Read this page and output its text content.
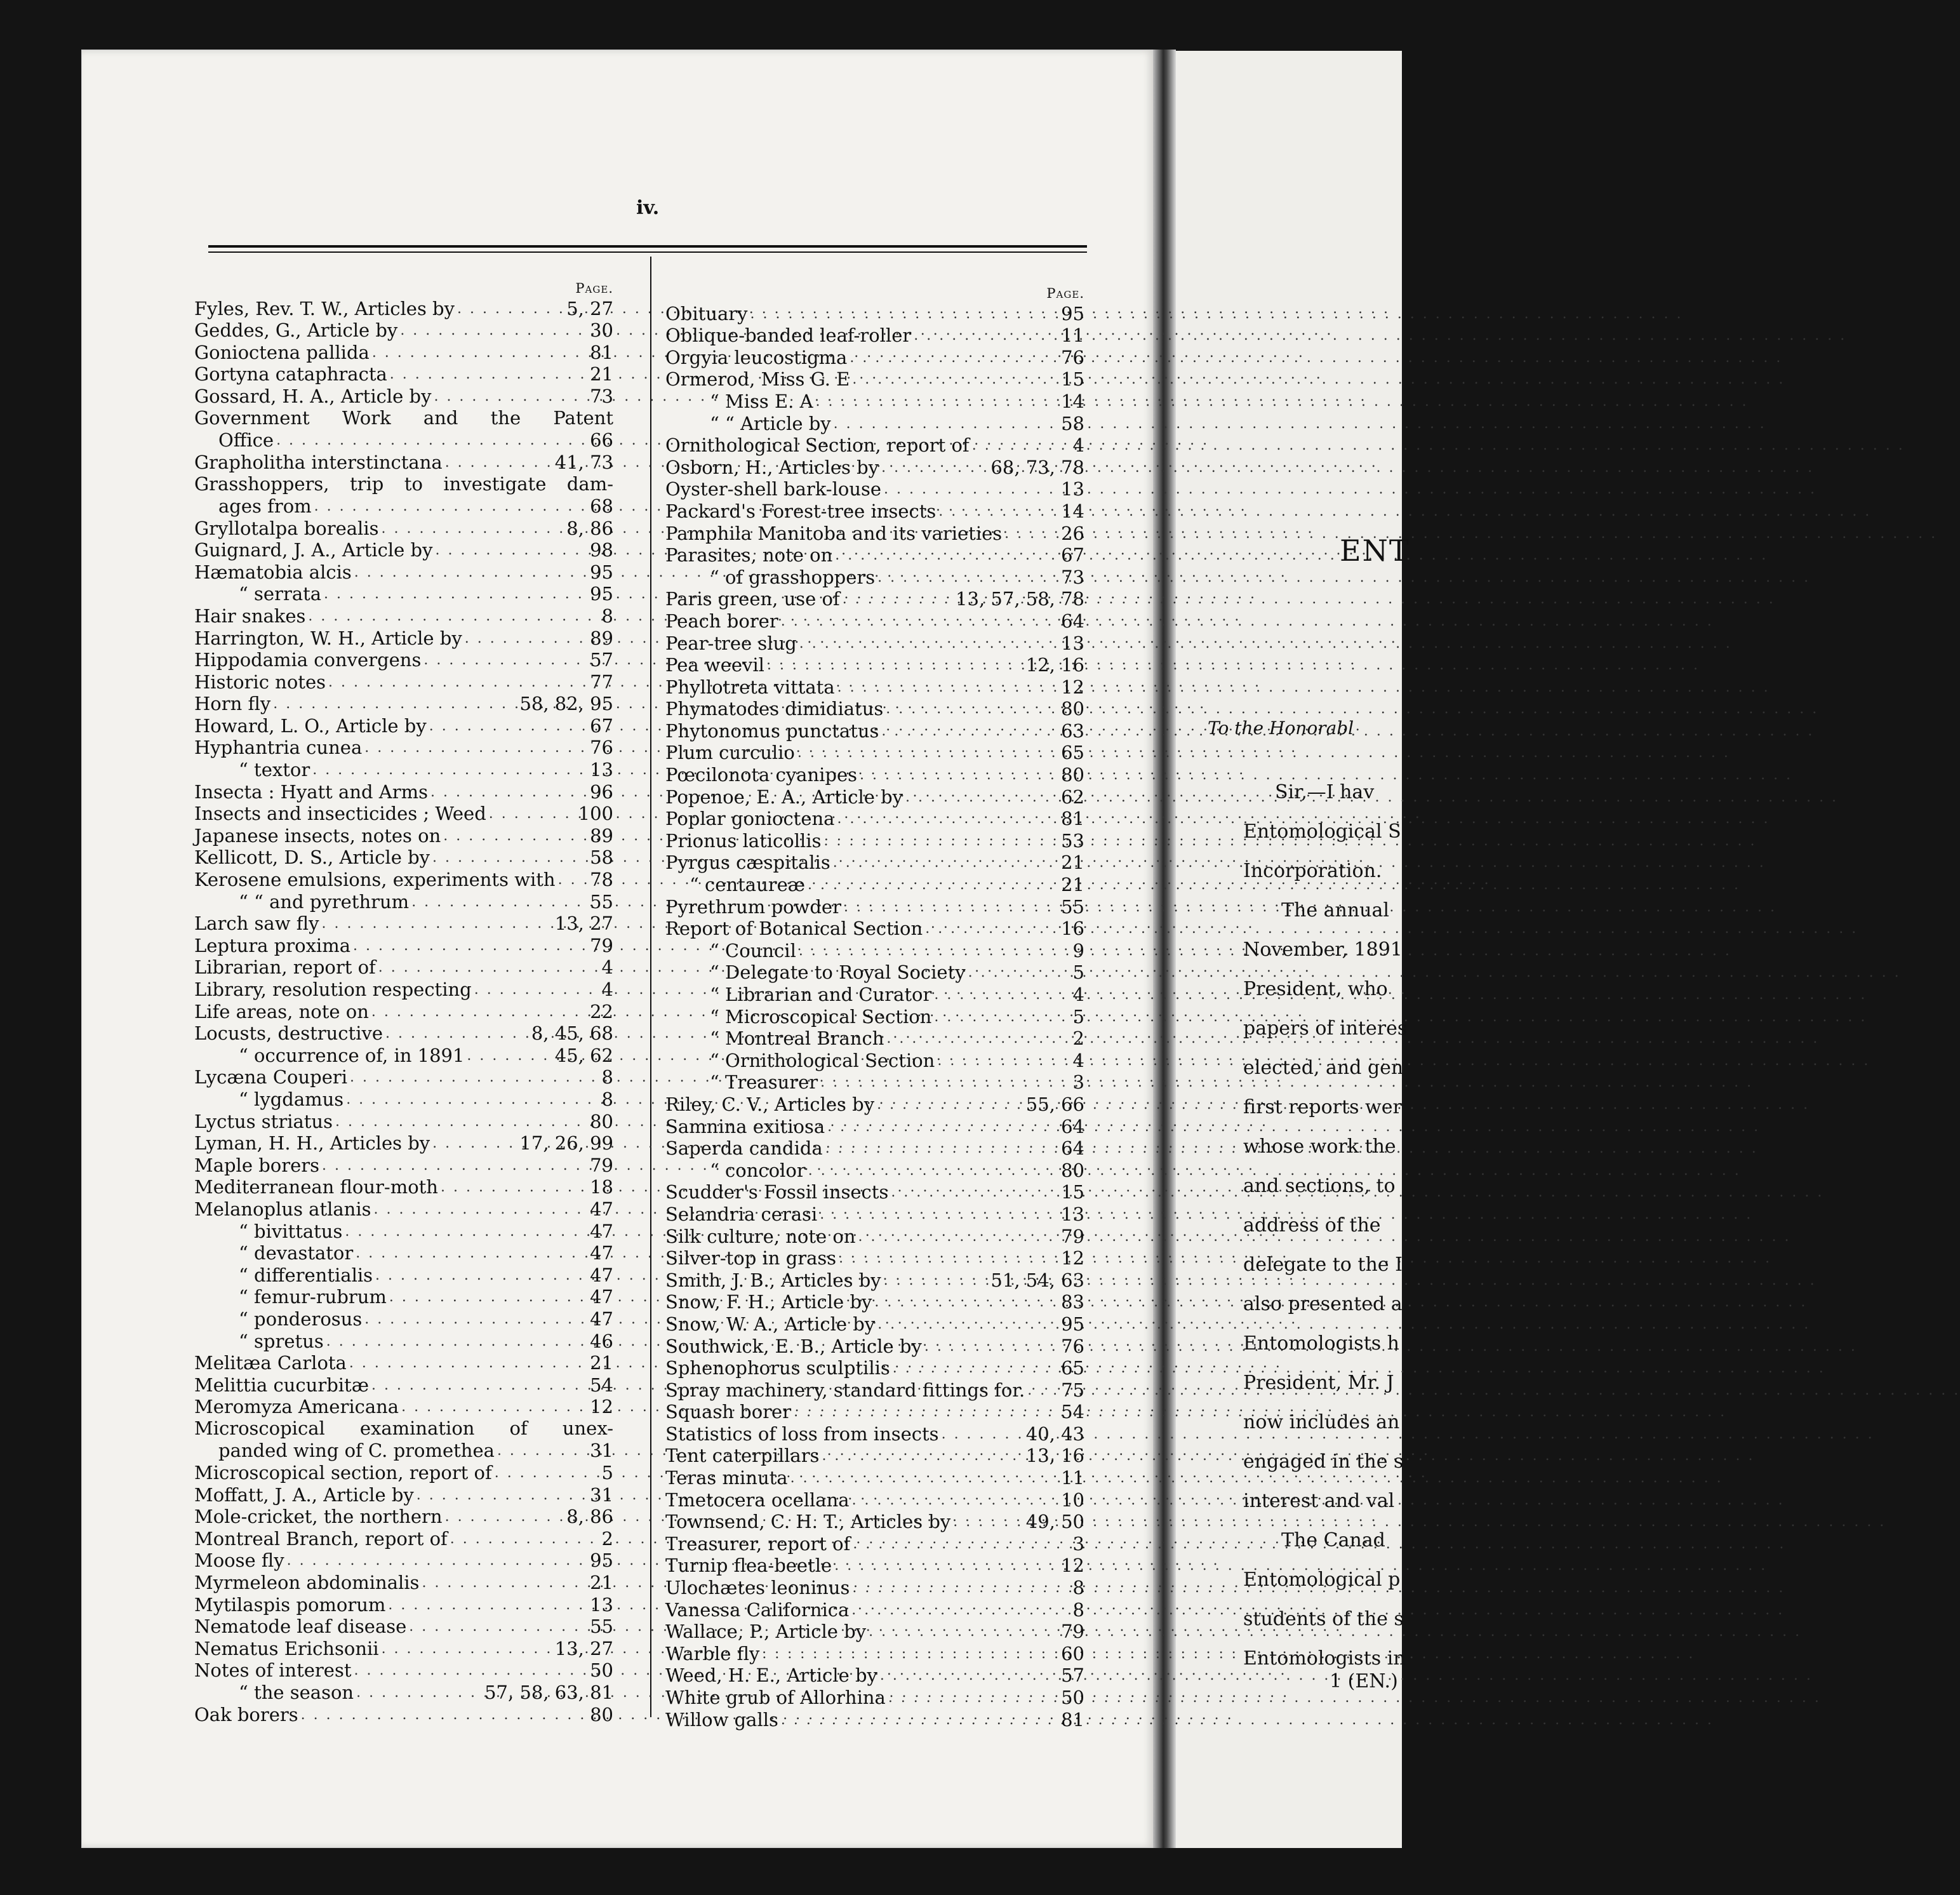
iv.
Page.
Fyles, Rev. T. W., Articles by . . .	5, 27
Geddes, G., Article by . . .	30
Gonioctena pallida . . .	81
Gortyna cataphracta . . .	21
Gossard, H. A., Article by . . .	73
Government Work and the Patent
Office . . .	66
Grapholitha interstinctana . . .	41, 73
Grasshoppers, trip to investigate dam-
ages from . . .	68
Gryllotalpa borealis . . .	8, 86
Guignard, J. A., Article by . . .	98
Hæmatobia alcis . . .	95
“ serrata . . .	95
Hair snakes . . .	8
Harrington, W. H., Article by . . .	89
Hippodamia convergens . . .	57
Historic notes . . .	77
Horn fly . . .	58, 82, 95
Howard, L. O., Article by . . .	67
Hyphantria cunea . . .	76
“ textor . . .	13
Insecta : Hyatt and Arms . . .	96
Insects and insecticides ; Weed . . .	100
Japanese insects, notes on . . .	89
Kellicott, D. S., Article by . . .	58
Kerosene emulsions, experiments with . . . 78
“ “ and pyrethrum . . .	55
Larch saw fly . . .	13, 27
Leptura proxima . . .	79
Librarian, report of . . .	4
Library, resolution respecting . . .	4
Life areas, note on . . .	22
Locusts, destructive . . .	8, 45, 68
“ occurrence of, in 1891 . . .	45, 62
Lycæna Couperi . . .	8
“ lygdamus . . .	8
Lyctus striatus . . .	80
Lyman, H. H., Articles by . . .	17, 26, 99
Maple borers . . .	79
Mediterranean flour-moth . . .	18
Melanoplus atlanis . . .	47
“ bivittatus . . .	47
“ devastator . . .	47
“ differentialis . . .	47
“ femur-rubrum . . .	47
“ ponderosus . . .	47
“ spretus . . .	46
Melitæa Carlota . . .	21
Melittia cucurbitæ . . .	54
Meromyza Americana . . .	12
Microscopical examination of unex-
panded wing of C. promethea . . .	31
Microscopical section, report of . . .	5
Moffatt, J. A., Article by . . .	31
Mole-cricket, the northern . . .	8, 86
Montreal Branch, report of . . .	2
Moose fly . . .	95
Myrmeleon abdominalis . . .	21
Mytilaspis pomorum . . .	13
Nematode leaf disease . . .	55
Nematus Erichsonii . . .	13, 27
Notes of interest . . .	50
“ the season . . .	57, 58, 63, 81
Oak borers . . .	80
Page.
Obituary . . .	95
Oblique-banded leaf-roller . . .	11
Orgyia leucostigma . . .	76
Ormerod, Miss G. E . . .	15
“ Miss E. A . . .	14
“ “ Article by . . .	58
Ornithological Section, report of . . .	4
Osborn, H., Articles by . . .	68, 73, 78
Oyster-shell bark-louse . . .	13
Packard's Forest-tree insects . . .	14
Pamphila Manitoba and its varieties . . .	26
Parasites, note on . . .	67
“ of grasshoppers . . .	73
Paris green, use of . . .	13, 57, 58, 78
Peach borer . . .	64
Pear-tree slug . . .	13
Pea weevil . . .	12, 16
Phyllotreta vittata . . .	12
Phymatodes dimidiatus . . .	80
Phytonomus punctatus . . .	63
Plum curculio . . .	65
Pœcilonota cyanipes . . .	80
Popenoe, E. A., Article by . . .	62
Poplar gonioctena . . .	81
Prionus laticollis . . .	53
Pyrgus cæspitalis . . .	21
“ centaureæ . . .	21
Pyrethrum powder . . .	55
Report of Botanical Section . . .	16
“ Council . . .	9
“ Delegate to Royal Society . . .	5
“ Librarian and Curator . . .	4
“ Microscopical Section . . .	5
“ Montreal Branch . . .	2
“ Ornithological Section . . .	4
“ Treasurer . . .	3
Riley, C. V., Articles by . . .	55, 66
Samnina exitiosa . . .	64
Saperda candida . . .	64
“ concolor . . .	80
Scudder's Fossil insects . . .	15
Selandria cerasi . . .	13
Silk culture, note on . . .	79
Silver-top in grass . . .	12
Smith, J. B., Articles by . . .	51, 54, 63
Snow, F. H., Article by . . .	83
Snow, W. A., Article by . . .	95
Southwick, E. B., Article by . . .	76
Sphenophorus sculptilis . . .	65
Spray machinery, standard fittings for. . . . 75
Squash borer . . .	54
Statistics of loss from insects . . .	40, 43
Tent caterpillars . . .	13, 16
Teras minuta . . .	11
Tmetocera ocellana . . .	10
Townsend, C. H. T., Articles by . . .	49, 50
Treasurer, report of . . .	3
Turnip flea-beetle . . .	12
Ulochætes leoninus . . .	8
Vanessa Californica . . .	8
Wallace, P., Article by . . .	79
Warble fly . . .	60
Weed, H. E., Article by . . .	57
White grub of Allorhina . . .	50
Willow galls . . .	81
ENT
To the Honorabl
Sir,—I hav
Entomological S
Incorporation.
The annual
November, 1891
President, who
papers of interes
elected, and gen
first reports wer
whose work the
and sections, to
address of the
delegate to the I
also presented a
Entomologists h
President, Mr. J
now includes an
engaged in the s
interest and val
The Canad
Entomological p
students of the s
Entomologists in
1 (EN.)
